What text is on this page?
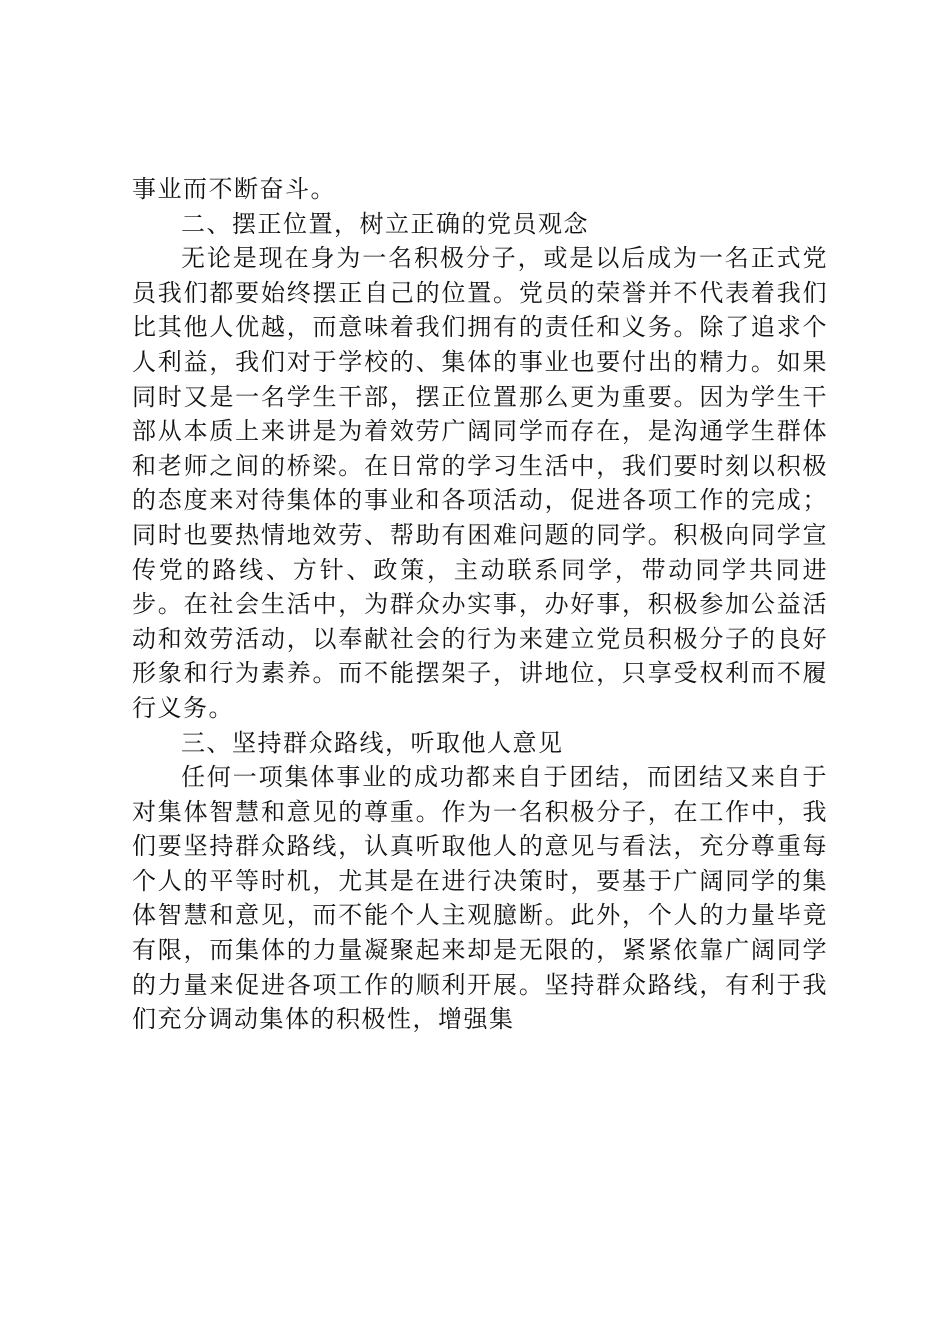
事业而不断奋斗。

二、摆正位置，树立正确的党员观念

无论是现在身为一名积极分子，或是以后成为一名正式党员我们都要始终摆正自己的位置。党员的荣誉并不代表着我们比其他人优越，而意味着我们拥有的责任和义务。除了追求个人利益，我们对于学校的、集体的事业也要付出的精力。如果同时又是一名学生干部，摆正位置那么更为重要。因为学生干部从本质上来讲是为着效劳广阔同学而存在，是沟通学生群体和老师之间的桥梁。在日常的学习生活中，我们要时刻以积极的态度来对待集体的事业和各项活动，促进各项工作的完成；同时也要热情地效劳、帮助有困难问题的同学。积极向同学宣传党的路线、方针、政策，主动联系同学，带动同学共同进步。在社会生活中，为群众办实事，办好事，积极参加公益活动和效劳活动，以奉献社会的行为来建立党员积极分子的良好形象和行为素养。而不能摆架子，讲地位，只享受权利而不履行义务。

三、坚持群众路线，听取他人意见

任何一项集体事业的成功都来自于团结，而团结又来自于对集体智慧和意见的尊重。作为一名积极分子，在工作中，我们要坚持群众路线，认真听取他人的意见与看法，充分尊重每个人的平等时机，尤其是在进行决策时，要基于广阔同学的集体智慧和意见，而不能个人主观臆断。此外，个人的力量毕竟有限，而集体的力量凝聚起来却是无限的，紧紧依靠广阔同学的力量来促进各项工作的顺利开展。坚持群众路线，有利于我们充分调动集体的积极性，增强集
